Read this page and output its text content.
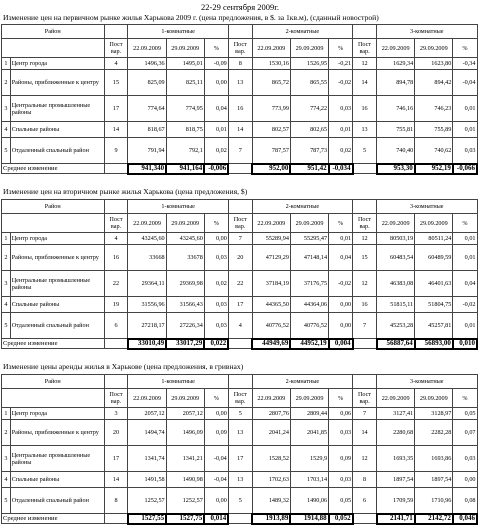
22-29 сентября 2009г.
Изменение цен на первичном рынке жилья Харькова 2009 г. (цена предложения, в $. за 1кв.м), (сданный новострой)
Район			1-комнатные				2-комнатные				3-комнатные		
		Пост вар.	22.09.2009	29.09.2009	%	Пост вар.	22.09.2009	29.09.2009	%	Пост вар.	22.09.2009	29.09.2009	%
1	Центр города	4	1496,36	1495,01	-0,09	8	1530,16	1526,95	-0,21	12	1629,34	1623,80	-0,34
2	Районы, приближенные к центру	15	825,09	825,11	0,00	13	865,72	865,55	-0,02	14	894,78	894,42	-0,04
3	Центральные промышленные районы	17	774,64	774,95	0,04	16	773,99	774,22	0,03	16	746,16	746,23	0,01
4	Спальные районы	14	818,67	818,75	0,01	14	802,57	802,65	0,01	13	755,81	755,89	0,01
5	Отдаленный спальный район	9	791,94	792,1	0,02	7	787,57	787,73	0,02	5	740,40	740,62	0,03
Среднее изменение			941,340	941,164	-0,006		952,00	951,42	-0,034		953,30	952,19	-0,066
Изменение цен на вторичном рынке жилья Харькова (цена предложения, $)
Район			1-комнатные				2-комнатные				3-комнатные		
		Пост вар.	22.09.2009	29.09.2009	%	Пост вар.	22.09.2009	29.09.2009	%	Пост вар.	22.09.2009	29.09.2009	%
1	Центр города	4	43245,60	43245,60	0,00	7	55289,94	55295,47	0,01	12	80503,19	80511,24	0,01
2	Районы, приближенные к центру	16	33668	33678	0,03	20	47129,29	47148,14	0,04	15	60483,54	60489,59	0,01
3	Центральные промышленные районы	22	29364,11	29369,98	0,02	22	37184,19	37176,75	-0,02	12	46383,08	46401,63	0,04
4	Спальные районы	19	31556,96	31566,43	0,03	17	44365,50	44364,06	0,00	16	51815,11	51804,75	-0,02
5	Отдаленный спальный район	6	27218,17	27226,34	0,03	4	40776,52	40776,52	0,00	7	45253,28	45257,81	0,01
Среднее изменение			33010,49	33017,29	0,022		44949,69	44952,19	0,004		56887,64	56893,00	0,010
Изменение цены аренды жилья в Харькове (цена предложения, в гривнах)
Район			1-комнатные				2-комнатные				3-комнатные		
		Пост вар.	22.09.2009	29.09.2009	%	Пост вар.	22.09.2009	29.09.2009	%	Пост вар.	22.09.2009	29.09.2009	%
1	Центр города	3	2057,12	2057,12	0,00	5	2807,76	2809,44	0,06	7	3127,41	3128,97	0,05
2	Районы, приближенные к центру	20	1494,74	1496,09	0,09	13	2041,24	2041,85	0,03	14	2280,68	2282,28	0,07
3	Центральные промышленные районы	17	1341,74	1341,21	-0,04	17	1528,52	1529,9	0,09	12	1693,35	1693,86	0,03
4	Спальные районы	14	1491,58	1490,98	-0,04	13	1702,63	1703,14	0,03	8	1897,54	1897,54	0,00
5	Отдаленный спальный район	8	1252,57	1252,57	0,00	5	1489,32	1490,06	0,05	6	1709,59	1710,96	0,08
Среднее изменение			1527,55	1527,75	0,014		1913,89	1914,88	0,052		2141,71	2142,72	0,046
